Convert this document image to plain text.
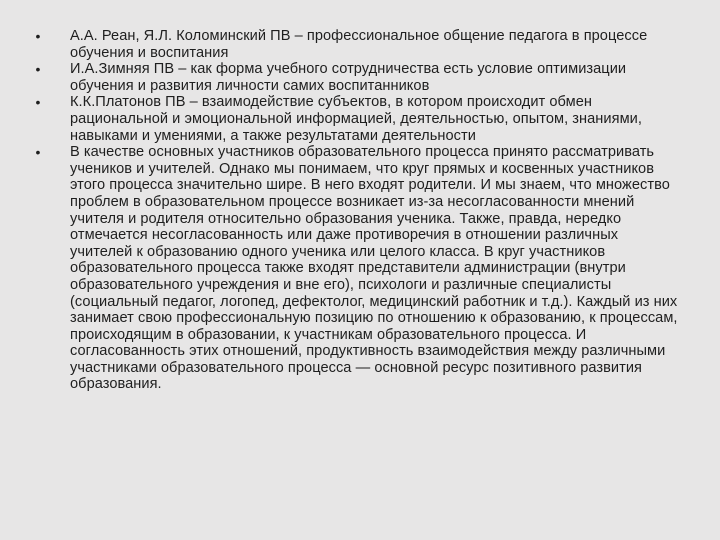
• А.А. Реан, Я.Л. Коломинский ПВ – профессиональное общение педагога в процессе обучения и воспитания
• И.А.Зимняя ПВ – как форма учебного сотрудничества есть условие оптимизации обучения и развития личности самих воспитанников
• К.К.Платонов ПВ – взаимодействие субъектов, в котором происходит обмен рациональной и эмоциональной информацией, деятельностью, опытом, знаниями, навыками и умениями, а также результатами деятельности
• В качестве основных участников образовательного процесса принято рассматривать учеников и учителей. Однако мы понимаем, что круг прямых и косвенных участников этого процесса значительно шире. В него входят родители. И мы знаем, что множество проблем в образовательном процессе возникает из-за несогласованности мнений учителя и родителя относительно образования ученика. Также, правда, нередко отмечается несогласованность или даже противоречия в отношении различных учителей к образованию одного ученика или целого класса. В круг участников образовательного процесса также входят представители администрации (внутри образовательного учреждения и вне его), психологи и различные специалисты (социальный педагог, логопед, дефектолог, медицинский работник и т.д.). Каждый из них занимает свою профессиональную позицию по отношению к образованию, к процессам, происходящим в образовании, к участникам образовательного процесса. И согласованность этих отношений, продуктивность взаимодействия между различными участниками образовательного процесса — основной ресурс позитивного развития образования.
